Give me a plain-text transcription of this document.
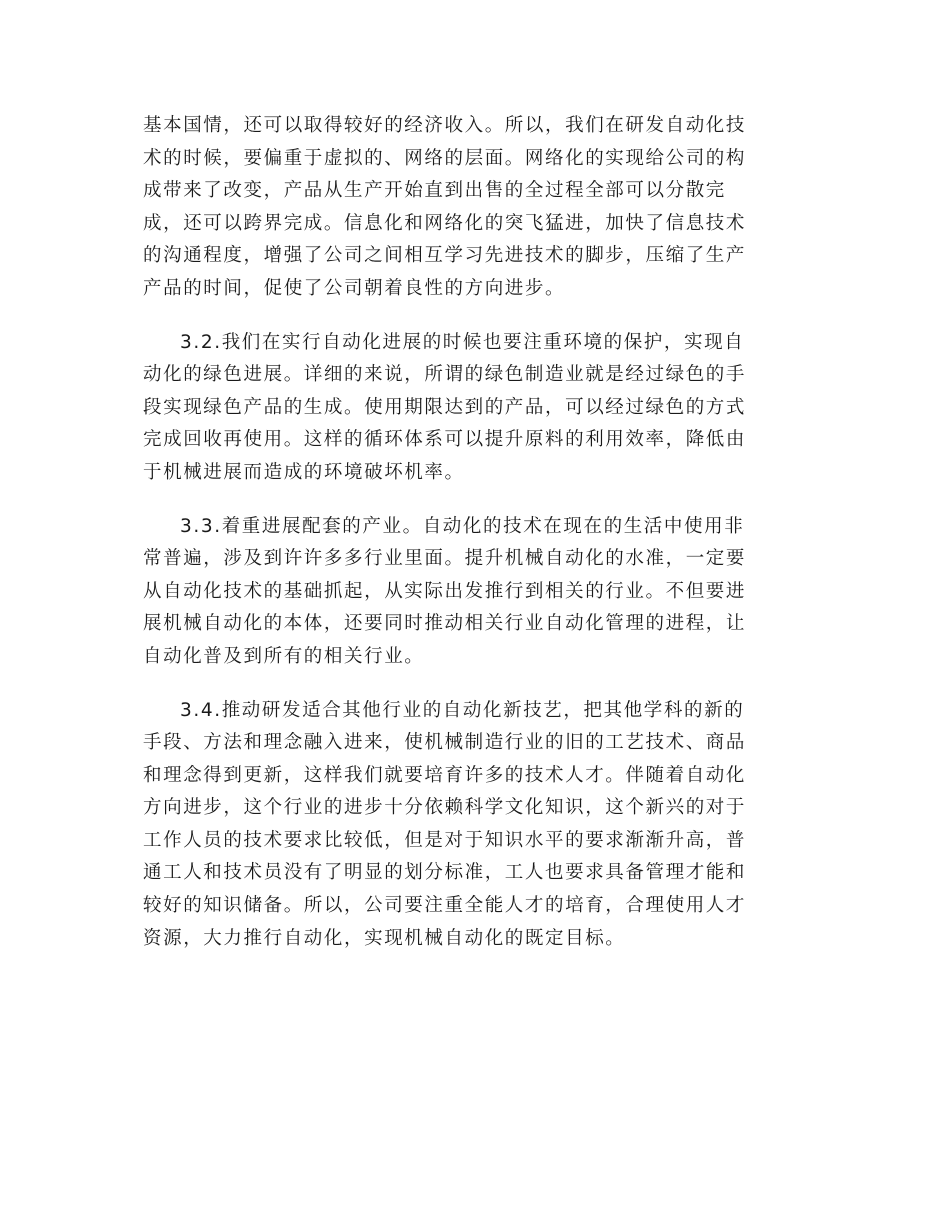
基本国情，还可以取得较好的经济收入。所以，我们在研发自动化技
术的时候，要偏重于虚拟的、网络的层面。网络化的实现给公司的构
成带来了改变，产品从生产开始直到出售的全过程全部可以分散完
成，还可以跨界完成。信息化和网络化的突飞猛进，加快了信息技术
的沟通程度，增强了公司之间相互学习先进技术的脚步，压缩了生产
产品的时间，促使了公司朝着良性的方向进步。
3.2.我们在实行自动化进展的时候也要注重环境的保护，实现自
动化的绿色进展。详细的来说，所谓的绿色制造业就是经过绿色的手
段实现绿色产品的生成。使用期限达到的产品，可以经过绿色的方式
完成回收再使用。这样的循环体系可以提升原料的利用效率，降低由
于机械进展而造成的环境破坏机率。
3.3.着重进展配套的产业。自动化的技术在现在的生活中使用非
常普遍，涉及到许许多多行业里面。提升机械自动化的水准，一定要
从自动化技术的基础抓起，从实际出发推行到相关的行业。不但要进
展机械自动化的本体，还要同时推动相关行业自动化管理的进程，让
自动化普及到所有的相关行业。
3.4.推动研发适合其他行业的自动化新技艺，把其他学科的新的
手段、方法和理念融入进来，使机械制造行业的旧的工艺技术、商品
和理念得到更新，这样我们就要培育许多的技术人才。伴随着自动化
方向进步，这个行业的进步十分依赖科学文化知识，这个新兴的对于
工作人员的技术要求比较低，但是对于知识水平的要求渐渐升高，普
通工人和技术员没有了明显的划分标准，工人也要求具备管理才能和
较好的知识储备。所以，公司要注重全能人才的培育，合理使用人才
资源，大力推行自动化，实现机械自动化的既定目标。
